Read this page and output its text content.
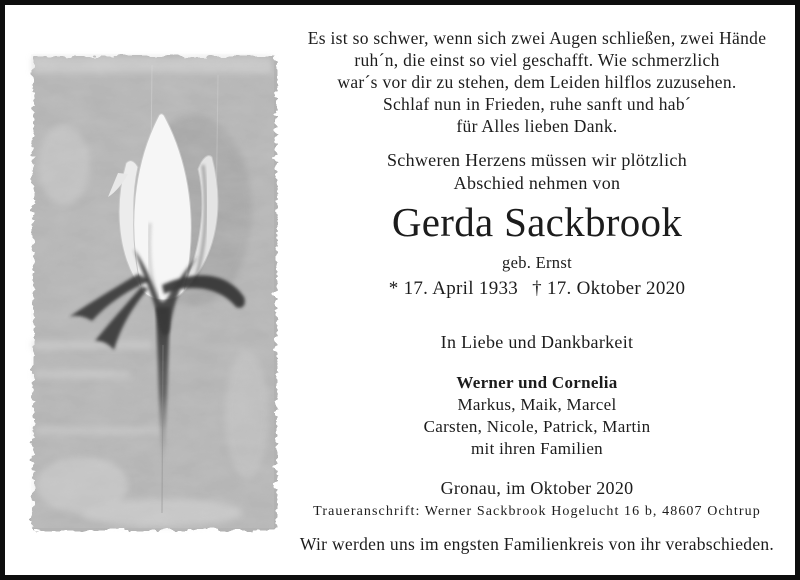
Es ist so schwer, wenn sich zwei Augen schließen, zwei Hände
ruh´n, die einst so viel geschafft. Wie schmerzlich
war´s vor dir zu stehen, dem Leiden hilflos zuzusehen.
Schlaf nun in Frieden, ruhe sanft und hab´
für Alles lieben Dank.
Schweren Herzens müssen wir plötzlich
Abschied nehmen von
Gerda Sackbrook
geb. Ernst
* 17. April 1933 † 17. Oktober 2020
In Liebe und Dankbarkeit
Werner und Cornelia
Markus, Maik, Marcel
Carsten, Nicole, Patrick, Martin
mit ihren Familien
Gronau, im Oktober 2020
Traueranschrift: Werner Sackbrook Hogelucht 16 b, 48607 Ochtrup
Wir werden uns im engsten Familienkreis von ihr verabschieden.
